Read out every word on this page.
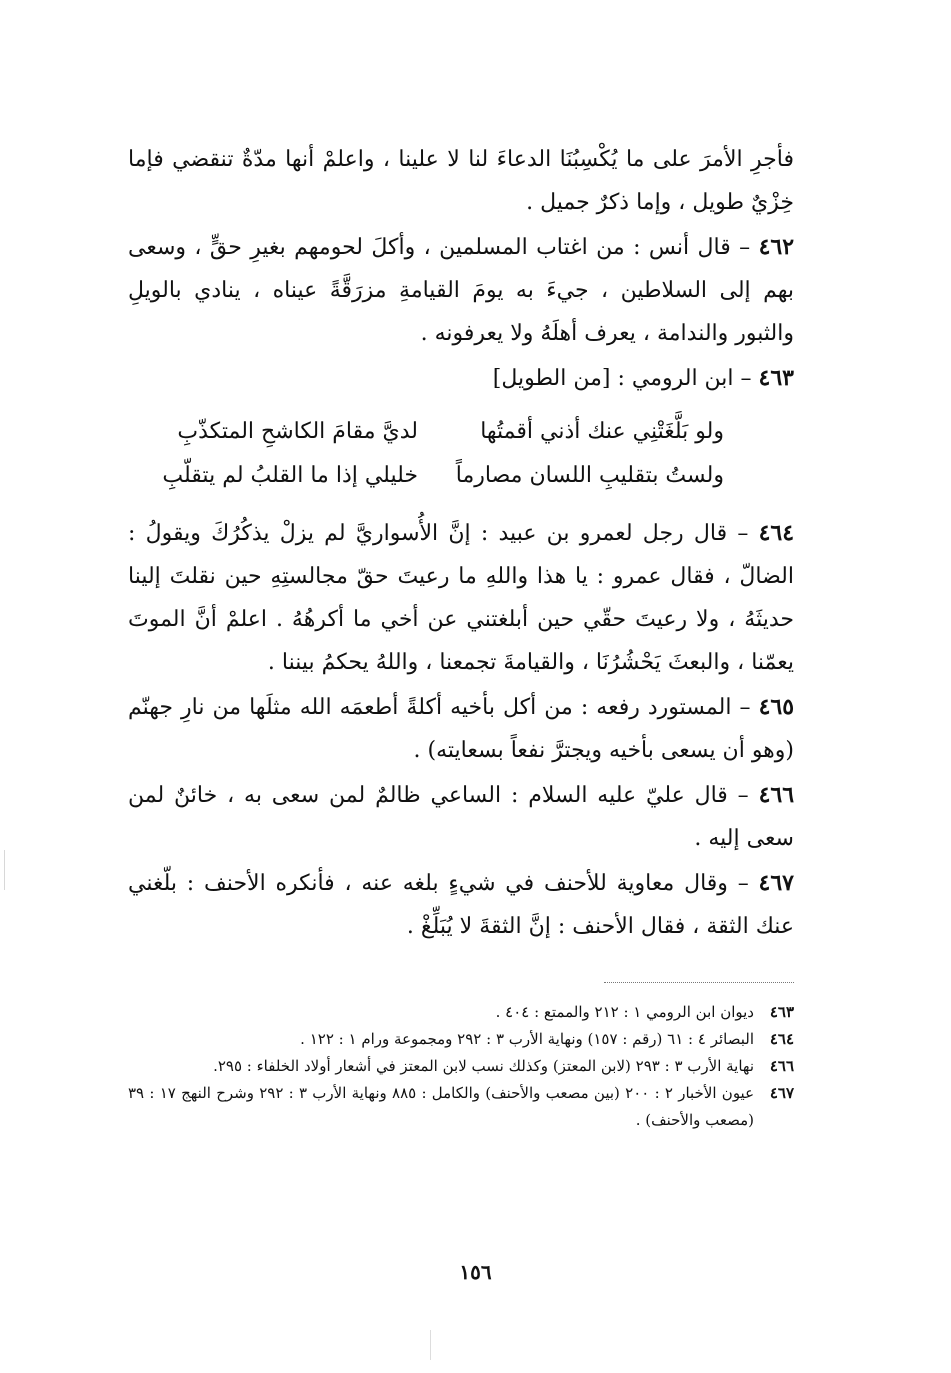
فأجرِ الأمرَ على ما يُكْسِبُنَا الدعاءَ لنا لا علينا ، واعلمْ أنها مدّةٌ تنقضي فإما خِزْيٌ طويل ، وإما ذكرٌ جميل .

٤٦٢ – قال أنس : من اغتاب المسلمين ، وأكلَ لحومهم بغيرِ حقٍّ ، وسعى بهم إلى السلاطين ، جيءَ به يومَ القيامةِ مزرَقَّةً عيناه ، ينادي بالويلِ والثبور والندامة ، يعرف أهلَهُ ولا يعرفونه .

٤٦٣ – ابن الرومي : [من الطويل]

ولو بَلَّغَتْنِي عنك أذني أقمتُها
لديَّ مقامَ الكاشحِ المتكذّبِ
ولستُ بتقليبِ اللسان مصارماً
خليلي إذا ما القلبُ لم يتقلّبِ

٤٦٤ – قال رجل لعمرو بن عبيد : إنَّ الأُسواريَّ لم يزلْ يذكُرُكَ ويقولُ : الضالّ ، فقال عمرو : يا هذا واللهِ ما رعيتَ حقّ مجالستِهِ حين نقلتَ إلينا حديثَهُ ، ولا رعيتَ حقّي حين أبلغتني عن أخي ما أكرهُهُ . اعلمْ أنَّ الموتَ يعمّنا ، والبعثَ يَحْشُرُنَا ، والقيامةَ تجمعنا ، واللهُ يحكمُ بيننا .

٤٦٥ – المستورد رفعه : من أكل بأخيه أكلةً أطعمَه الله مثلَها من نارِ جهنّم (وهو أن يسعى بأخيه ويجترَّ نفعاً بسعايته) .

٤٦٦ – قال عليّ عليه السلام : الساعي ظالمٌ لمن سعى به ، خائنٌ لمن سعى إليه .

٤٦٧ – وقال معاوية للأحنف في شيءٍ بلغه عنه ، فأنكره الأحنف : بلّغني عنك الثقة ، فقال الأحنف : إنَّ الثقةَ لا يُبَلِّغْ .

٤٦٣
ديوان ابن الرومي ١ : ٢١٢ والممتع : ٤٠٤ .
٤٦٤
البصائر ٤ : ٦١ (رقم : ١٥٧) ونهاية الأرب ٣ : ٢٩٢ ومجموعة ورام ١ : ١٢٢ .
٤٦٦
نهاية الأرب ٣ : ٢٩٣ (لابن المعتز) وكذلك نسب لابن المعتز في أشعار أولاد الخلفاء : ٢٩٥.
٤٦٧
عيون الأخبار ٢ : ٢٠٠ (بين مصعب والأحنف) والكامل : ٨٨٥ ونهاية الأرب ٣ : ٢٩٢ وشرح النهج ١٧ : ٣٩ (مصعب والأحنف) .
١٥٦
